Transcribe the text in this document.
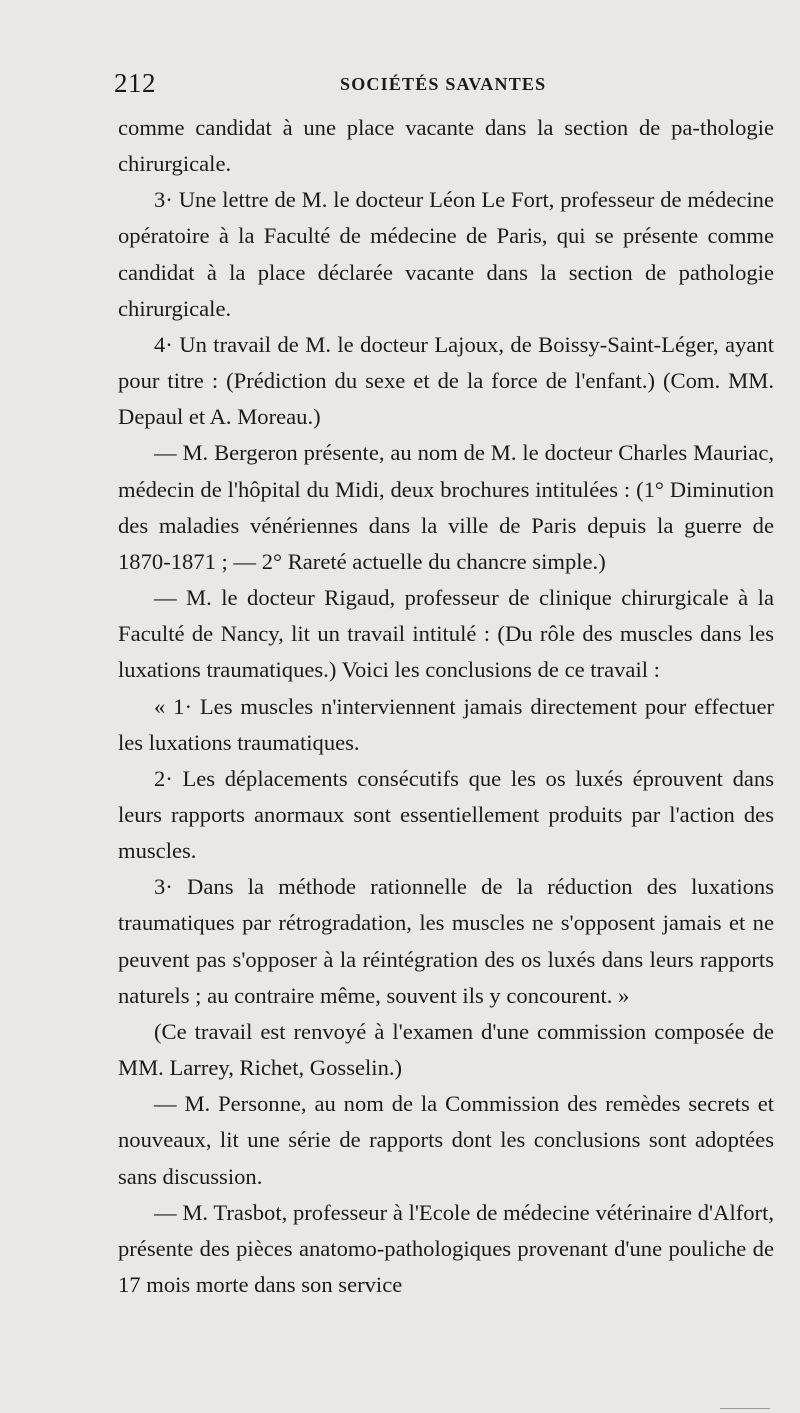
212	SOCIÉTÉS SAVANTES

comme candidat à une place vacante dans la section de pa-thologie chirurgicale.

3· Une lettre de M. le docteur Léon Le Fort, professeur de médecine opératoire à la Faculté de médecine de Paris, qui se présente comme candidat à la place déclarée vacante dans la section de pathologie chirurgicale.

4· Un travail de M. le docteur Lajoux, de Boissy-Saint-Léger, ayant pour titre : (Prédiction du sexe et de la force de l'enfant.) (Com. MM. Depaul et A. Moreau.)

— M. Bergeron présente, au nom de M. le docteur Charles Mauriac, médecin de l'hôpital du Midi, deux brochures intitulées : (1° Diminution des maladies vénériennes dans la ville de Paris depuis la guerre de 1870-1871 ; — 2° Rareté actuelle du chancre simple.)

— M. le docteur Rigaud, professeur de clinique chirurgicale à la Faculté de Nancy, lit un travail intitulé : (Du rôle des muscles dans les luxations traumatiques.) Voici les conclusions de ce travail :

« 1· Les muscles n'interviennent jamais directement pour effectuer les luxations traumatiques.

2· Les déplacements consécutifs que les os luxés éprouvent dans leurs rapports anormaux sont essentiellement produits par l'action des muscles.

3· Dans la méthode rationnelle de la réduction des luxations traumatiques par rétrogradation, les muscles ne s'opposent jamais et ne peuvent pas s'opposer à la réintégration des os luxés dans leurs rapports naturels ; au contraire même, souvent ils y concourent. »

(Ce travail est renvoyé à l'examen d'une commission composée de MM. Larrey, Richet, Gosselin.)

— M. Personne, au nom de la Commission des remèdes secrets et nouveaux, lit une série de rapports dont les conclusions sont adoptées sans discussion.

— M. Trasbot, professeur à l'Ecole de médecine vétérinaire d'Alfort, présente des pièces anatomo-pathologiques provenant d'une pouliche de 17 mois morte dans son service
